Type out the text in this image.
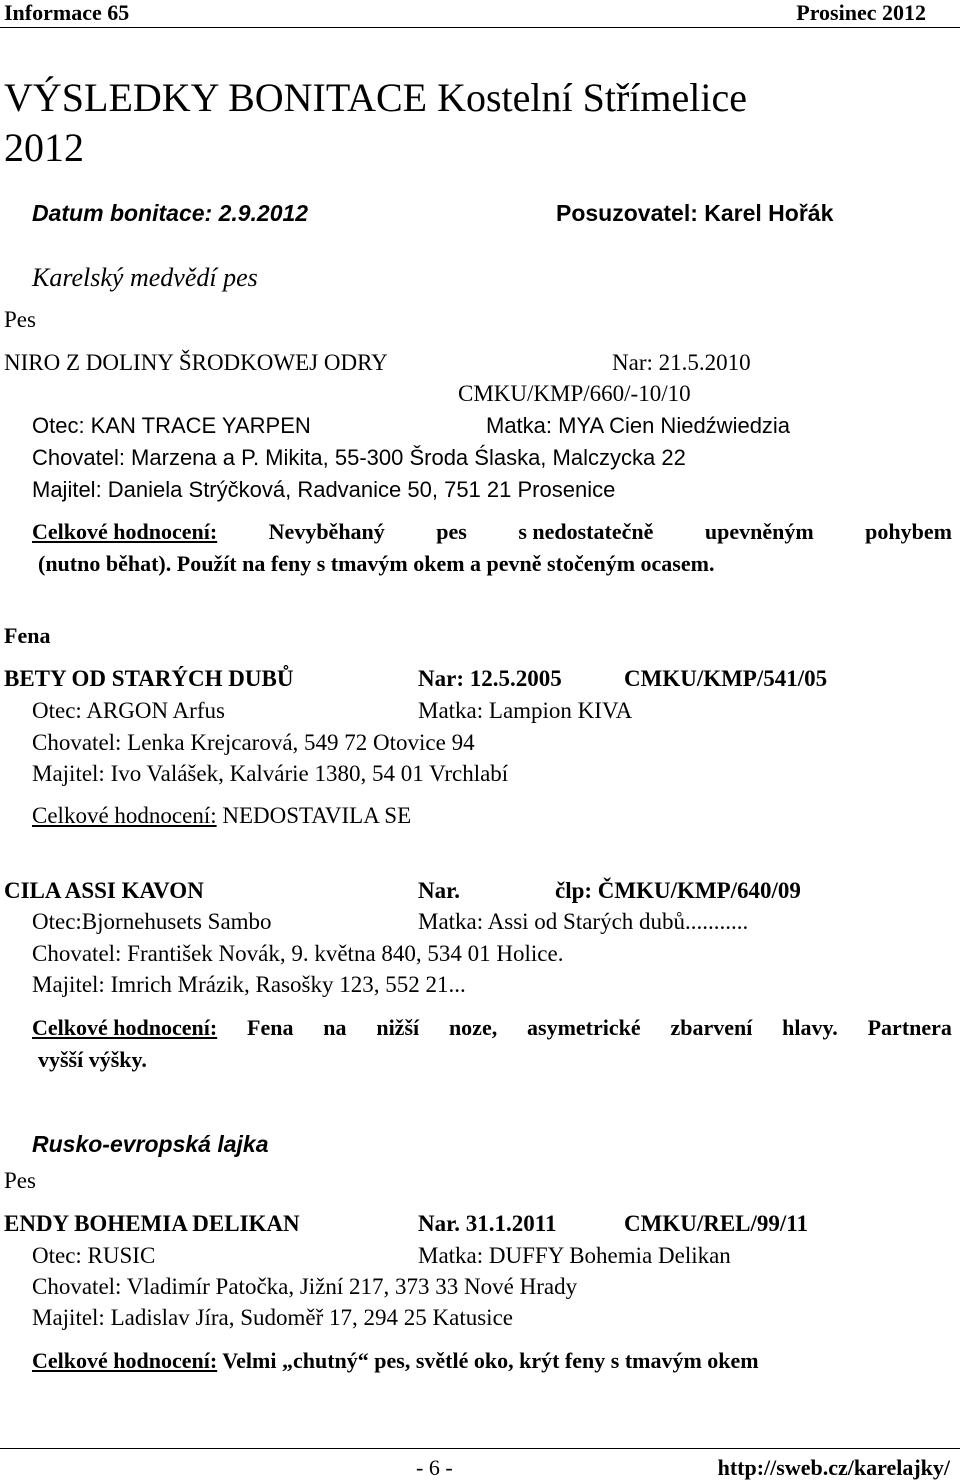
Informace 65	Prosinec 2012
VÝSLEDKY BONITACE Kostelní Střímelice
2012
Datum bonitace: 2.9.2012	Posuzovatel: Karel Hořák
Karelský medvědí pes
Pes
NIRO Z DOLINY ŠRODKOWEJ ODRY	Nar: 21.5.2010
CMKU/KMP/660/-10/10
Otec: KAN TRACE YARPEN	Matka: MYA Cien Niedźwiedzia
Chovatel: Marzena a P. Mikita, 55-300 Šroda Ślaska, Malczycka 22
Majitel: Daniela Strýčková, Radvanice 50, 751 21 Prosenice
Celkové hodnocení: Nevyběhaný pes s nedostatečně upevněným pohybem
(nutno běhat). Použít na feny s tmavým okem a pevně stočeným ocasem.
Fena
BETY OD STARÝCH DUBŮ	Nar: 12.5.2005	CMKU/KMP/541/05
Otec: ARGON Arfus	Matka: Lampion KIVA
Chovatel: Lenka Krejcarová, 549 72 Otovice 94
Majitel: Ivo Valášek, Kalvárie 1380, 54 01 Vrchlabí
Celkové hodnocení: NEDOSTAVILA SE
CILA ASSI KAVON	Nar.	člp: ČMKU/KMP/640/09
Otec:Bjornehusets Sambo	Matka: Assi od Starých dubů...........
Chovatel: František Novák, 9. května 840, 534 01 Holice.
Majitel: Imrich Mrázik, Rasošky 123, 552 21...
Celkové hodnocení: Fena na nižší noze, asymetrické zbarvení hlavy. Partnera
vyšší výšky.
Rusko-evropská lajka
Pes
ENDY BOHEMIA DELIKAN	Nar. 31.1.2011	CMKU/REL/99/11
Otec: RUSIC	Matka: DUFFY Bohemia Delikan
Chovatel: Vladimír Patočka, Jižní 217, 373 33 Nové Hrady
Majitel: Ladislav Jíra, Sudoměř 17, 294 25 Katusice
Celkové hodnocení: Velmi „chutný“ pes, světlé oko, krýt feny s tmavým okem
- 6 -	http://sweb.cz/karelajky/
